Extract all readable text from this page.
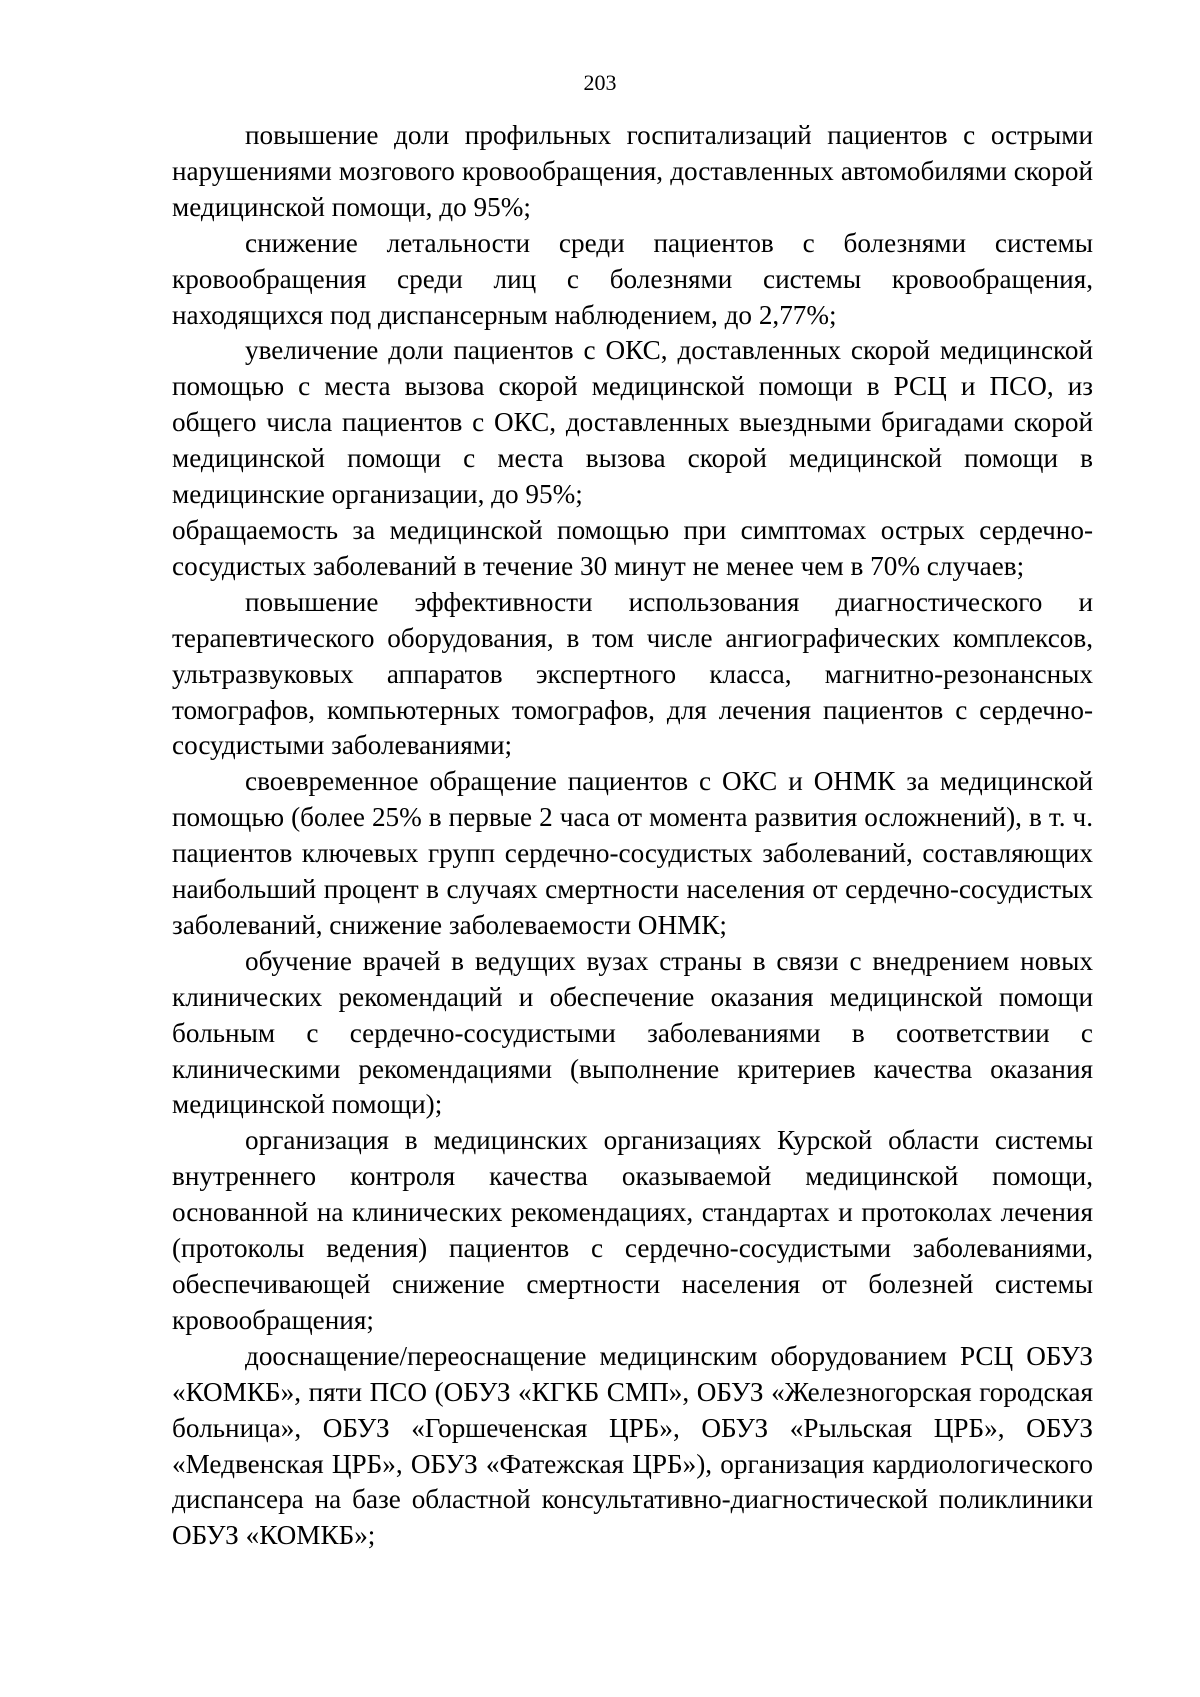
203

повышение доли профильных госпитализаций пациентов с острыми нарушениями мозгового кровообращения, доставленных автомобилями скорой медицинской помощи, до 95%;

снижение летальности среди пациентов с болезнями системы кровообращения среди лиц с болезнями системы кровообращения, находящихся под диспансерным наблюдением, до 2,77%;

увеличение доли пациентов с ОКС, доставленных скорой медицинской помощью с места вызова скорой медицинской помощи в РСЦ и ПСО, из общего числа пациентов с ОКС, доставленных выездными бригадами скорой медицинской помощи с места вызова скорой медицинской помощи в медицинские организации, до 95%;

обращаемость за медицинской помощью при симптомах острых сердечно-сосудистых заболеваний в течение 30 минут не менее чем в 70% случаев;

повышение эффективности использования диагностического и терапевтического оборудования, в том числе ангиографических комплексов, ультразвуковых аппаратов экспертного класса, магнитно-резонансных томографов, компьютерных томографов, для лечения пациентов с сердечно-сосудистыми заболеваниями;

своевременное обращение пациентов с ОКС и ОНМК за медицинской помощью (более 25% в первые 2 часа от момента развития осложнений), в т. ч. пациентов ключевых групп сердечно-сосудистых заболеваний, составляющих наибольший процент в случаях смертности населения от сердечно-сосудистых заболеваний, снижение заболеваемости ОНМК;

обучение врачей в ведущих вузах страны в связи с внедрением новых клинических рекомендаций и обеспечение оказания медицинской помощи больным с сердечно-сосудистыми заболеваниями в соответствии с клиническими рекомендациями (выполнение критериев качества оказания медицинской помощи);

организация в медицинских организациях Курской области системы внутреннего контроля качества оказываемой медицинской помощи, основанной на клинических рекомендациях, стандартах и протоколах лечения (протоколы ведения) пациентов с сердечно-сосудистыми заболеваниями, обеспечивающей снижение смертности населения от болезней системы кровообращения;

дооснащение/переоснащение медицинским оборудованием РСЦ ОБУЗ «КОМКБ», пяти ПСО (ОБУЗ «КГКБ СМП», ОБУЗ «Железногорская городская больница», ОБУЗ «Горшеченская ЦРБ», ОБУЗ «Рыльская ЦРБ», ОБУЗ «Медвенская ЦРБ», ОБУЗ «Фатежская ЦРБ»), организация кардиологического диспансера на базе областной консультативно-диагностической поликлиники ОБУЗ «КОМКБ»;
